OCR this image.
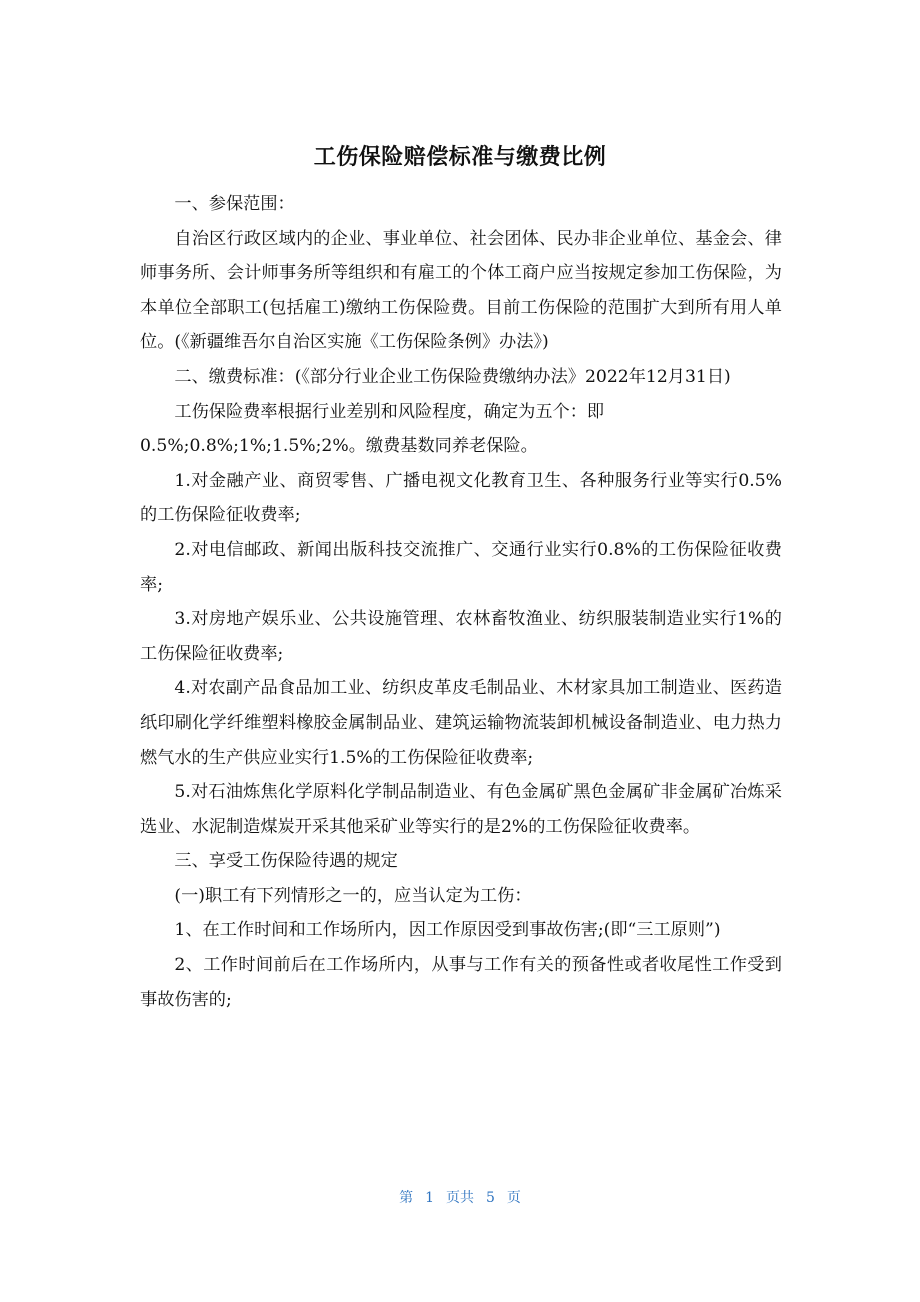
工伤保险赔偿标准与缴费比例

一、参保范围：

自治区行政区域内的企业、事业单位、社会团体、民办非企业单位、基金会、律师事务所、会计师事务所等组织和有雇工的个体工商户应当按规定参加工伤保险，为本单位全部职工(包括雇工)缴纳工伤保险费。目前工伤保险的范围扩大到所有用人单位。(《新疆维吾尔自治区实施《工伤保险条例》办法》)

二、缴费标准：(《部分行业企业工伤保险费缴纳办法》2022年12月31日)

工伤保险费率根据行业差别和风险程度，确定为五个：即

0.5%;0.8%;1%;1.5%;2%。缴费基数同养老保险。

1.对金融产业、商贸零售、广播电视文化教育卫生、各种服务行业等实行0.5%的工伤保险征收费率;

2.对电信邮政、新闻出版科技交流推广、交通行业实行0.8%的工伤保险征收费率;

3.对房地产娱乐业、公共设施管理、农林畜牧渔业、纺织服装制造业实行1%的工伤保险征收费率;

4.对农副产品食品加工业、纺织皮革皮毛制品业、木材家具加工制造业、医药造纸印刷化学纤维塑料橡胶金属制品业、建筑运输物流装卸机械设备制造业、电力热力燃气水的生产供应业实行1.5%的工伤保险征收费率;

5.对石油炼焦化学原料化学制品制造业、有色金属矿黑色金属矿非金属矿冶炼采选业、水泥制造煤炭开采其他采矿业等实行的是2%的工伤保险征收费率。

三、享受工伤保险待遇的规定

(一)职工有下列情形之一的，应当认定为工伤：

1、在工作时间和工作场所内，因工作原因受到事故伤害;(即“三工原则”)

2、工作时间前后在工作场所内，从事与工作有关的预备性或者收尾性工作受到事故伤害的;

第 1 页共 5 页
